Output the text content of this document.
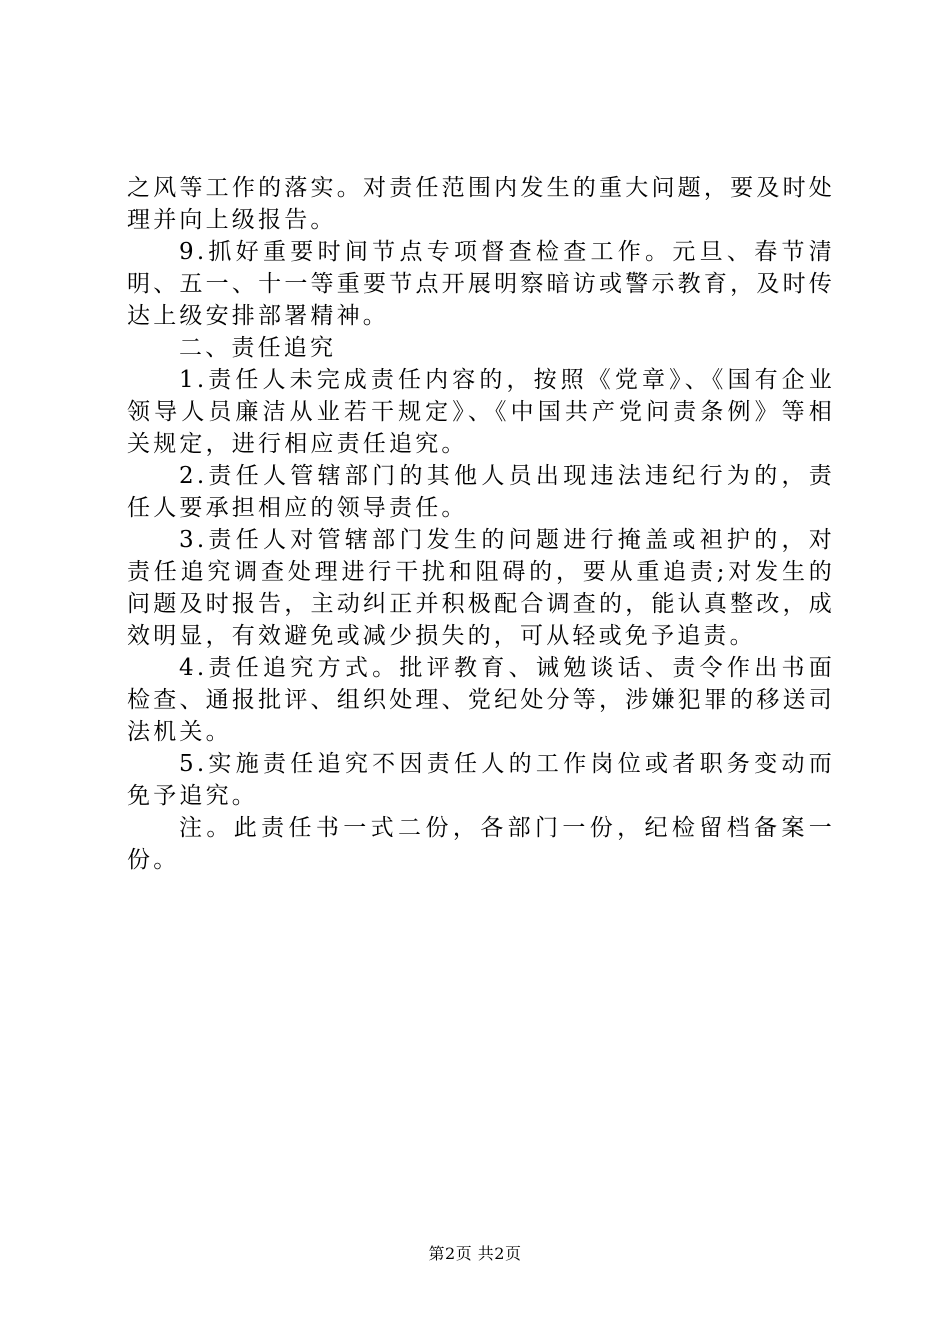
之风等工作的落实。对责任范围内发生的重大问题，要及时处理并向上级报告。

9.抓好重要时间节点专项督查检查工作。元旦、春节清明、五一、十一等重要节点开展明察暗访或警示教育，及时传达上级安排部署精神。

二、责任追究

1.责任人未完成责任内容的，按照《党章》、《国有企业领导人员廉洁从业若干规定》、《中国共产党问责条例》等相关规定，进行相应责任追究。

2.责任人管辖部门的其他人员出现违法违纪行为的，责任人要承担相应的领导责任。

3.责任人对管辖部门发生的问题进行掩盖或袒护的，对责任追究调查处理进行干扰和阻碍的，要从重追责;对发生的问题及时报告，主动纠正并积极配合调查的，能认真整改，成效明显，有效避免或减少损失的，可从轻或免予追责。

4.责任追究方式。批评教育、诫勉谈话、责令作出书面检查、通报批评、组织处理、党纪处分等，涉嫌犯罪的移送司法机关。

5.实施责任追究不因责任人的工作岗位或者职务变动而免予追究。

注。此责任书一式二份，各部门一份，纪检留档备案一份。

第2页 共2页
